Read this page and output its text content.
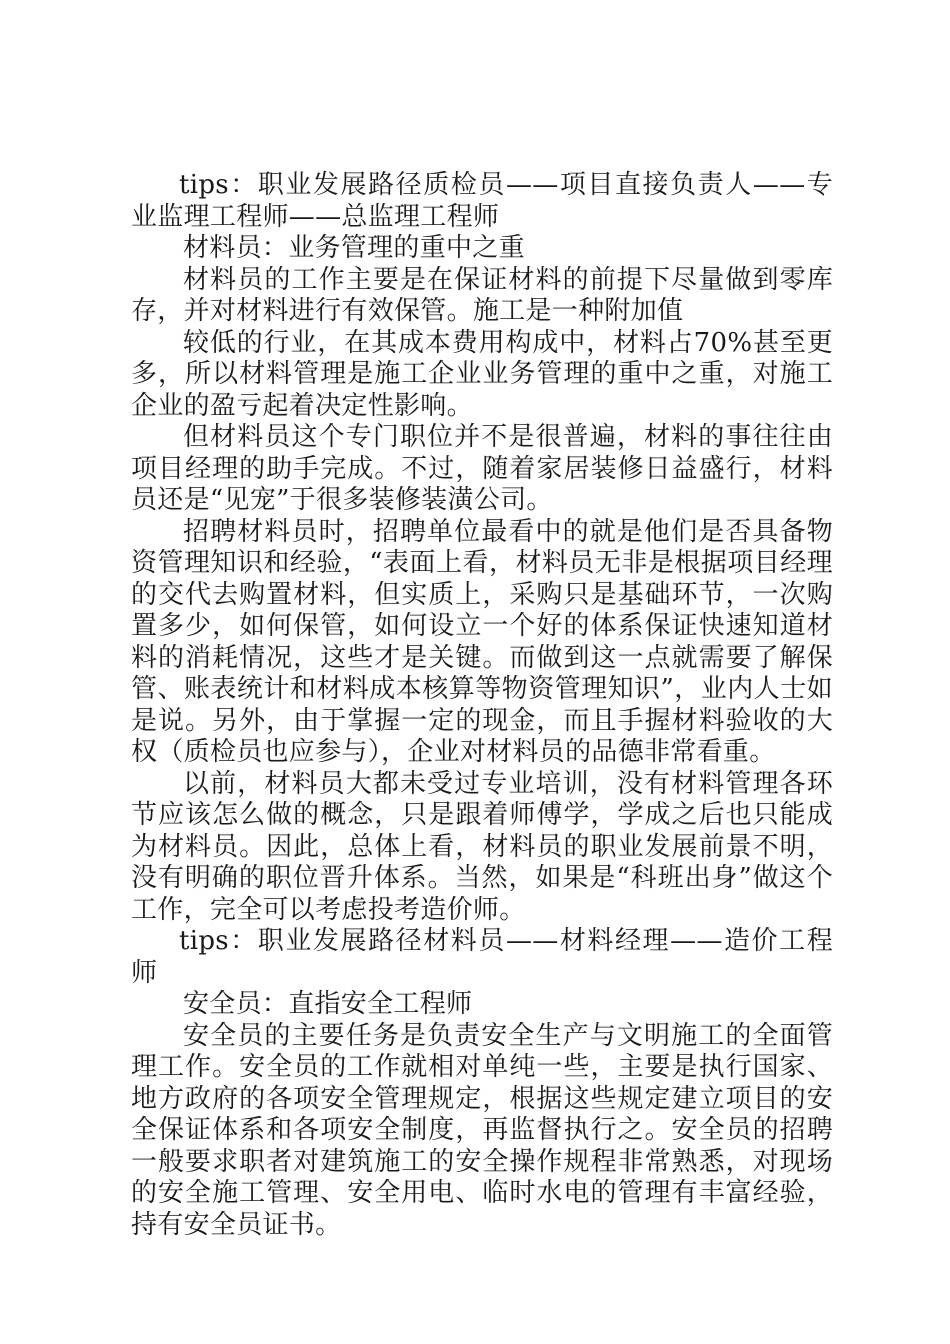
tips：职业发展路径质检员——项目直接负责人——专业监理工程师——总监理工程师

材料员：业务管理的重中之重

材料员的工作主要是在保证材料的前提下尽量做到零库存，并对材料进行有效保管。施工是一种附加值

较低的行业，在其成本费用构成中，材料占70%甚至更多，所以材料管理是施工企业业务管理的重中之重，对施工企业的盈亏起着决定性影响。

但材料员这个专门职位并不是很普遍，材料的事往往由项目经理的助手完成。不过，随着家居装修日益盛行，材料员还是“见宠”于很多装修装潢公司。

招聘材料员时，招聘单位最看中的就是他们是否具备物资管理知识和经验，“表面上看，材料员无非是根据项目经理的交代去购置材料，但实质上，采购只是基础环节，一次购置多少，如何保管，如何设立一个好的体系保证快速知道材料的消耗情况，这些才是关键。而做到这一点就需要了解保管、账表统计和材料成本核算等物资管理知识”，业内人士如是说。另外，由于掌握一定的现金，而且手握材料验收的大权（质检员也应参与），企业对材料员的品德非常看重。

以前，材料员大都未受过专业培训，没有材料管理各环节应该怎么做的概念，只是跟着师傅学，学成之后也只能成为材料员。因此，总体上看，材料员的职业发展前景不明，没有明确的职位晋升体系。当然，如果是“科班出身”做这个工作，完全可以考虑投考造价师。

tips：职业发展路径材料员——材料经理——造价工程师

安全员：直指安全工程师

安全员的主要任务是负责安全生产与文明施工的全面管理工作。安全员的工作就相对单纯一些，主要是执行国家、地方政府的各项安全管理规定，根据这些规定建立项目的安全保证体系和各项安全制度，再监督执行之。安全员的招聘一般要求职者对建筑施工的安全操作规程非常熟悉，对现场的安全施工管理、安全用电、临时水电的管理有丰富经验，持有安全员证书。
